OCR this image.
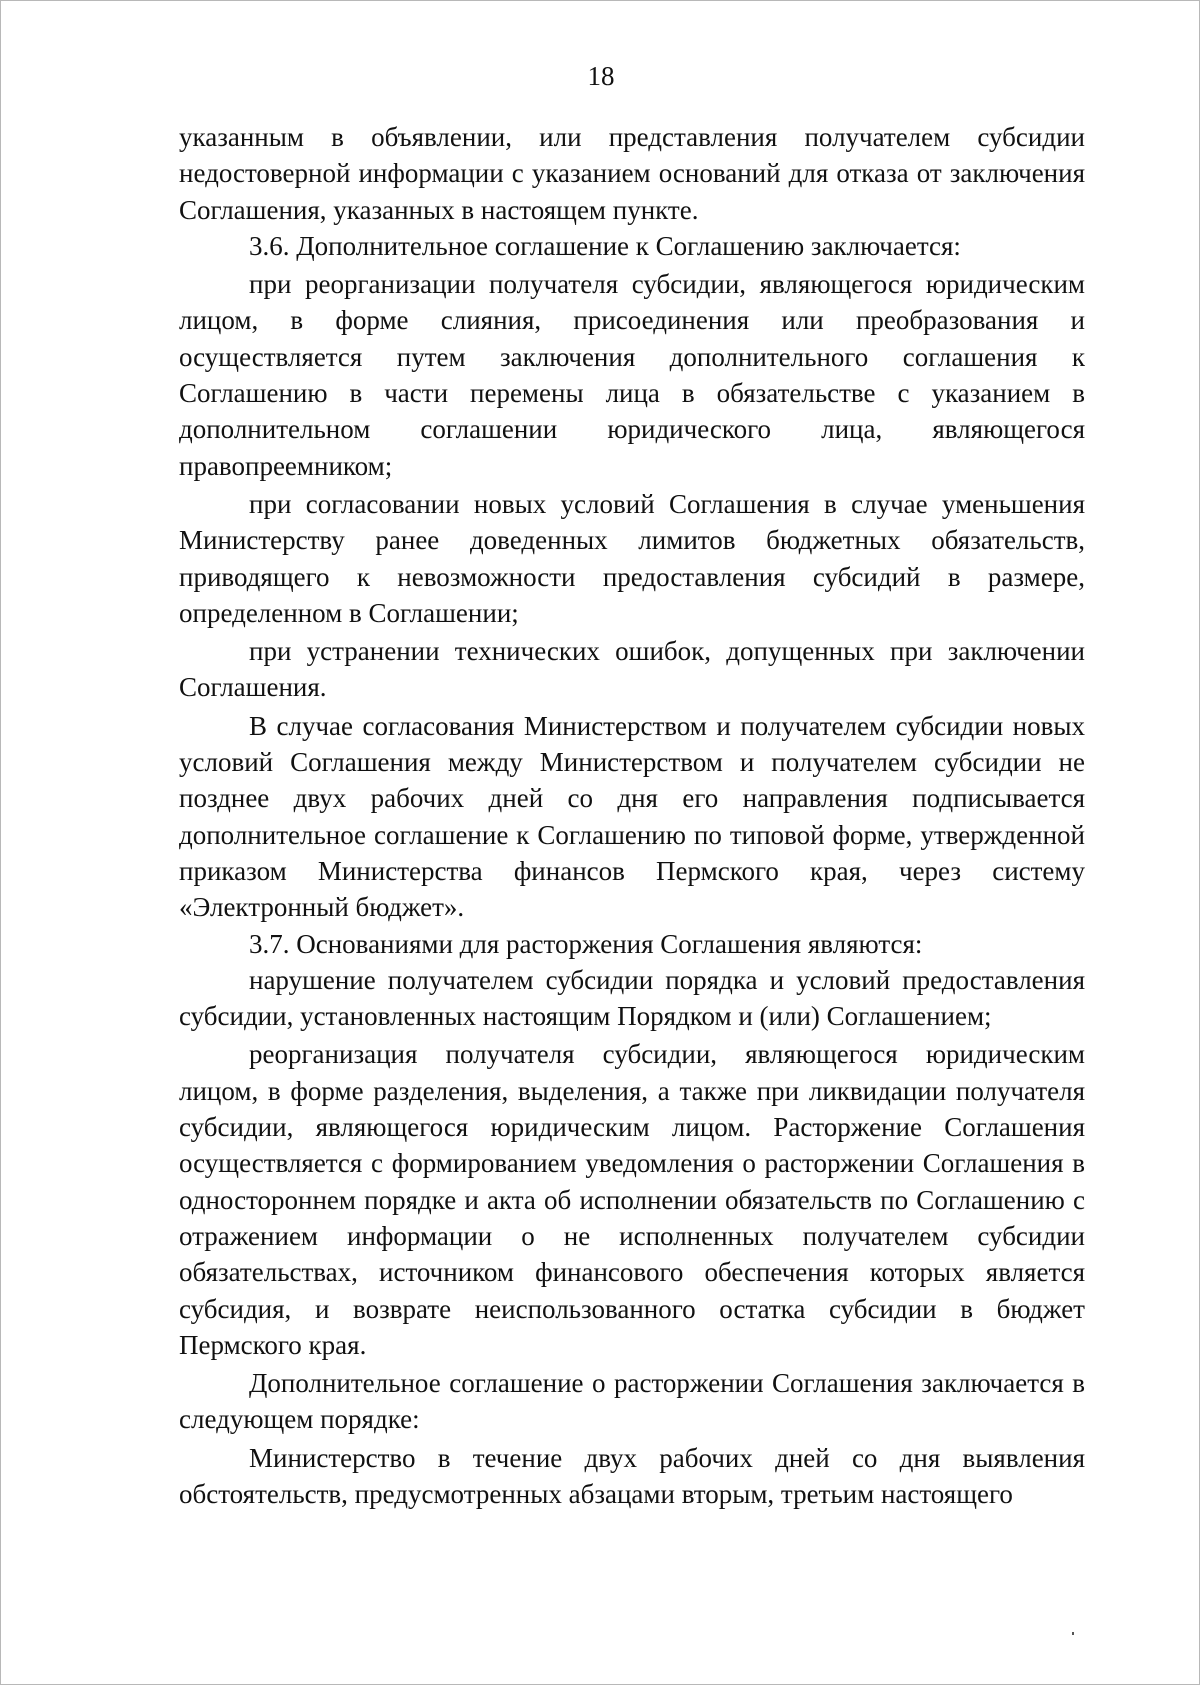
18

указанным в объявлении, или представления получателем субсидии недостоверной информации с указанием оснований для отказа от заключения Соглашения, указанных в настоящем пункте.

3.6. Дополнительное соглашение к Соглашению заключается:

при реорганизации получателя субсидии, являющегося юридическим лицом, в форме слияния, присоединения или преобразования и осуществляется путем заключения дополнительного соглашения к Соглашению в части перемены лица в обязательстве с указанием в дополнительном соглашении юридического лица, являющегося правопреемником;

при согласовании новых условий Соглашения в случае уменьшения Министерству ранее доведенных лимитов бюджетных обязательств, приводящего к невозможности предоставления субсидий в размере, определенном в Соглашении;

при устранении технических ошибок, допущенных при заключении Соглашения.

В случае согласования Министерством и получателем субсидии новых условий Соглашения между Министерством и получателем субсидии не позднее двух рабочих дней со дня его направления подписывается дополнительное соглашение к Соглашению по типовой форме, утвержденной приказом Министерства финансов Пермского края, через систему «Электронный бюджет».

3.7. Основаниями для расторжения Соглашения являются:

нарушение получателем субсидии порядка и условий предоставления субсидии, установленных настоящим Порядком и (или) Соглашением;

реорганизация получателя субсидии, являющегося юридическим лицом, в форме разделения, выделения, а также при ликвидации получателя субсидии, являющегося юридическим лицом. Расторжение Соглашения осуществляется с формированием уведомления о расторжении Соглашения в одностороннем порядке и акта об исполнении обязательств по Соглашению с отражением информации о не исполненных получателем субсидии обязательствах, источником финансового обеспечения которых является субсидия, и возврате неиспользованного остатка субсидии в бюджет Пермского края.

Дополнительное соглашение о расторжении Соглашения заключается в следующем порядке:

Министерство в течение двух рабочих дней со дня выявления обстоятельств, предусмотренных абзацами вторым, третьим настоящего
